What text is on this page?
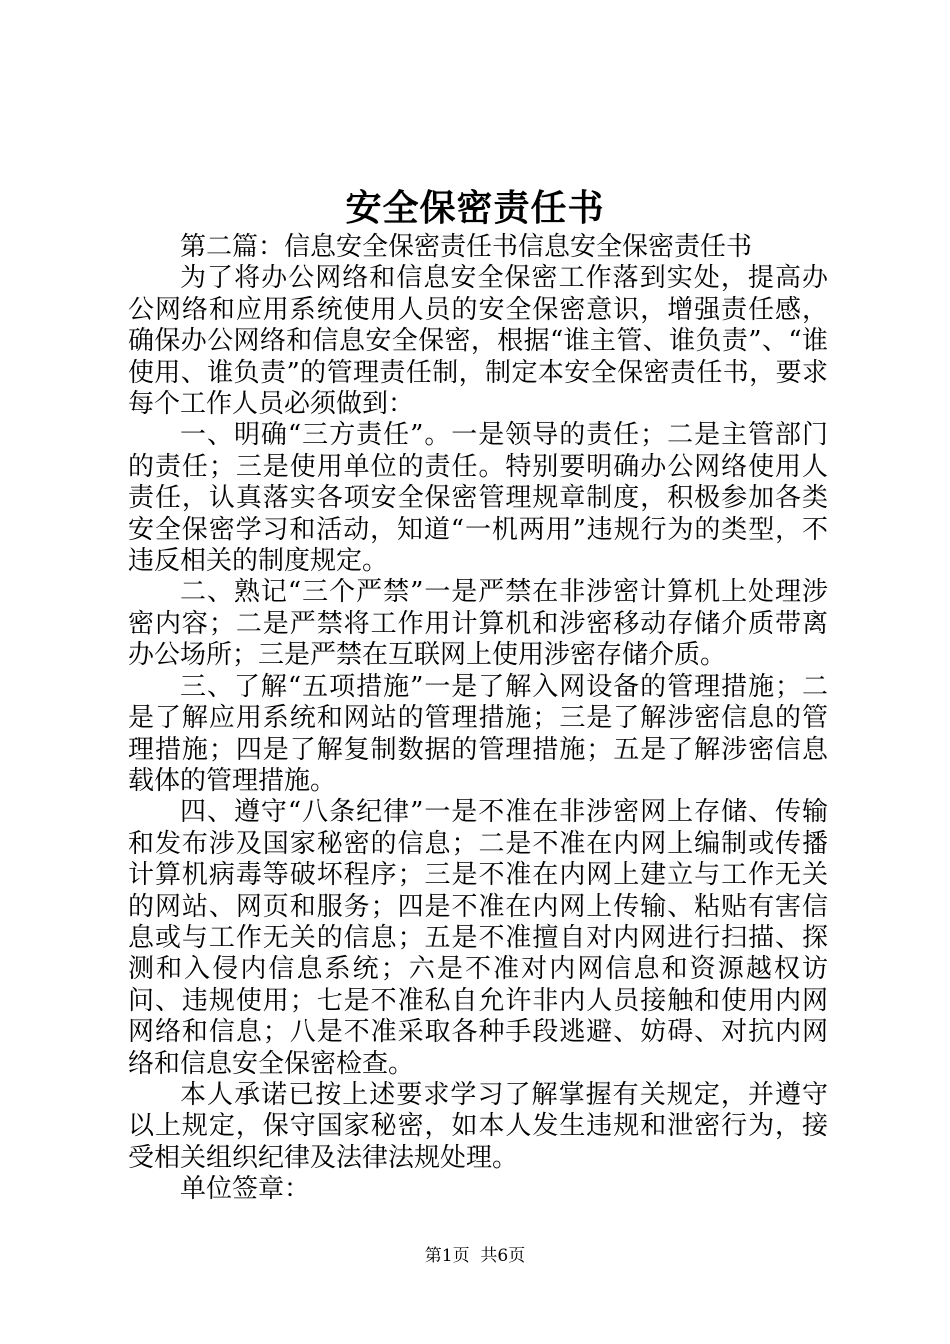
安全保密责任书

第二篇：信息安全保密责任书信息安全保密责任书

为了将办公网络和信息安全保密工作落到实处，提高办公网络和应用系统使用人员的安全保密意识，增强责任感，确保办公网络和信息安全保密，根据“谁主管、谁负责”、“谁使用、谁负责”的管理责任制，制定本安全保密责任书，要求每个工作人员必须做到：

一、明确“三方责任”。一是领导的责任；二是主管部门的责任；三是使用单位的责任。特别要明确办公网络使用人责任，认真落实各项安全保密管理规章制度，积极参加各类安全保密学习和活动，知道“一机两用”违规行为的类型，不违反相关的制度规定。

二、熟记“三个严禁”一是严禁在非涉密计算机上处理涉密内容；二是严禁将工作用计算机和涉密移动存储介质带离办公场所；三是严禁在互联网上使用涉密存储介质。

三、了解“五项措施”一是了解入网设备的管理措施；二是了解应用系统和网站的管理措施；三是了解涉密信息的管理措施；四是了解复制数据的管理措施；五是了解涉密信息载体的管理措施。

四、遵守“八条纪律”一是不准在非涉密网上存储、传输和发布涉及国家秘密的信息；二是不准在内网上编制或传播计算机病毒等破坏程序；三是不准在内网上建立与工作无关的网站、网页和服务；四是不准在内网上传输、粘贴有害信息或与工作无关的信息；五是不准擅自对内网进行扫描、探测和入侵内信息系统；六是不准对内网信息和资源越权访问、违规使用；七是不准私自允许非内人员接触和使用内网网络和信息；八是不准采取各种手段逃避、妨碍、对抗内网络和信息安全保密检查。

本人承诺已按上述要求学习了解掌握有关规定，并遵守以上规定，保守国家秘密，如本人发生违规和泄密行为，接受相关组织纪律及法律法规处理。

单位签章：

第1页 共6页
